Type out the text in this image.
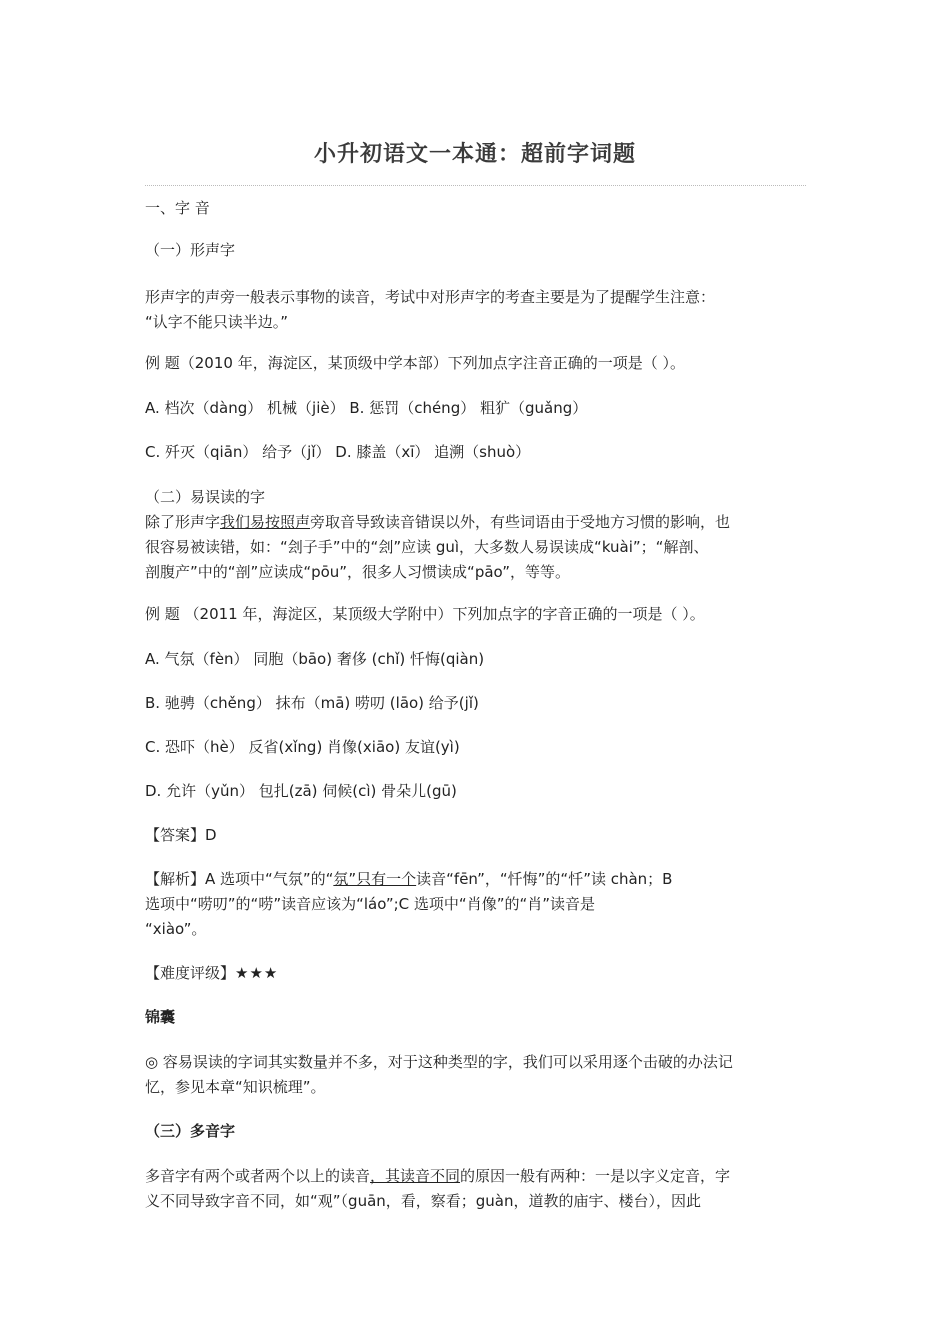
小升初语文一本通：超前字词题
一、字 音
（一）形声字
形声字的声旁一般表示事物的读音，考试中对形声字的考查主要是为了提醒学生注意：
“认字不能只读半边。”
例 题（2010 年，海淀区，某顶级中学本部）下列加点字注音正确的一项是（ ）。
A. 档次（dàng） 机械（jiè） B. 惩罚（chéng） 粗犷（guǎng）
C. 歼灭（qiān） 给予（jǐ） D. 膝盖（xī） 追溯（shuò）
（二）易误读的字
除了形声字我们易按照声旁取音导致读音错误以外，有些词语由于受地方习惯的影响，也
很容易被读错，如：“刽子手”中的“刽”应读 guì，大多数人易误读成“kuài”；“解剖、
剖腹产”中的“剖”应读成“pōu”，很多人习惯读成“pāo”，等等。
例 题 （2011 年，海淀区，某顶级大学附中）下列加点字的字音正确的一项是（ ）。
A. 气氛（fèn） 同胞（bāo) 奢侈 (chǐ) 忏悔(qiàn)
B. 驰骋（chěng） 抹布（mā) 唠叨 (lāo) 给予(jǐ)
C. 恐吓（hè） 反省(xǐng) 肖像(xiāo) 友谊(yì)
D. 允许（yǔn） 包扎(zā) 伺候(cì) 骨朵儿(gū)
【答案】D
【解析】A 选项中“气氛”的“氛”只有一个读音“fēn”，“忏悔”的“忏”读 chàn；B
选项中“唠叨”的“唠”读音应该为“láo”;C 选项中“肖像”的“肖”读音是
“xiào”。
【难度评级】★★★
锦囊
◎ 容易误读的字词其实数量并不多，对于这种类型的字，我们可以采用逐个击破的办法记
忆，参见本章“知识梳理”。
（三）多音字
多音字有两个或者两个以上的读音，其读音不同的原因一般有两种：一是以字义定音，字
义不同导致字音不同，如“观”（guān，看，察看；guàn，道教的庙宇、楼台），因此
